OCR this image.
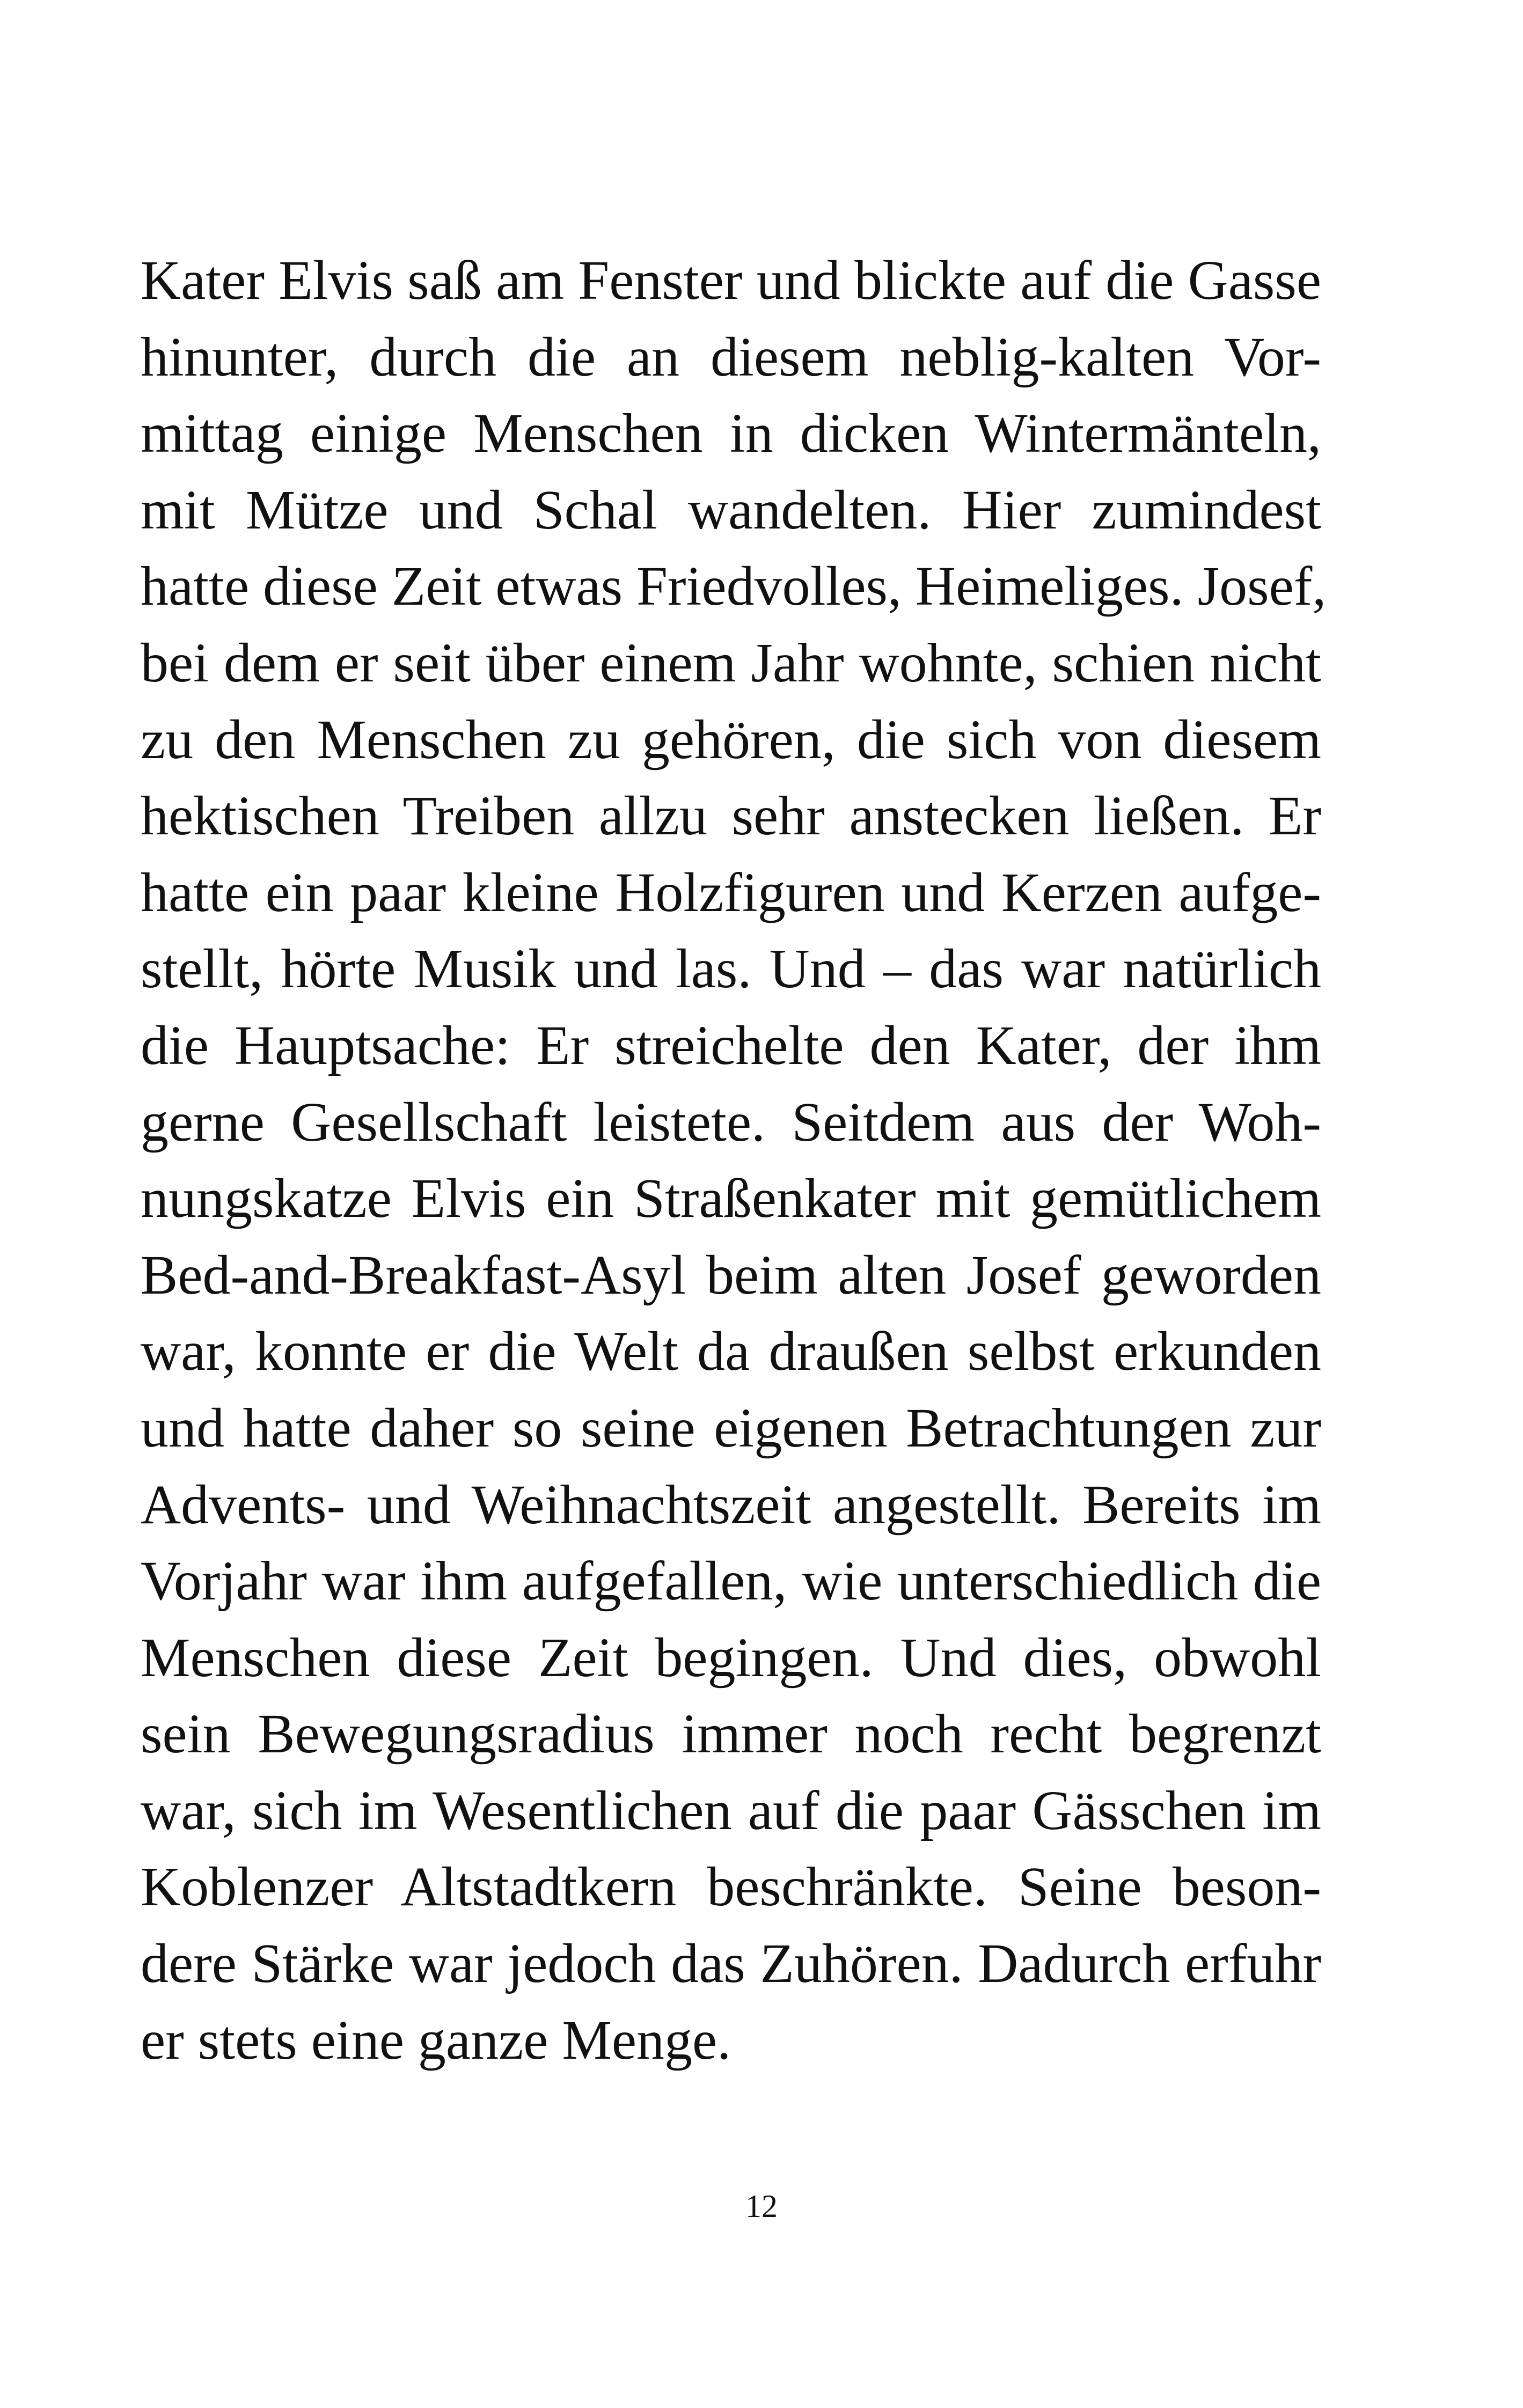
Kater Elvis saß am Fenster und blickte auf die Gasse
hinunter, durch die an diesem neblig-kalten Vor-
mittag einige Menschen in dicken Wintermänteln,
mit Mütze und Schal wandelten. Hier zumindest
hatte diese Zeit etwas Friedvolles, Heimeliges. Josef,
bei dem er seit über einem Jahr wohnte, schien nicht
zu den Menschen zu gehören, die sich von diesem
hektischen Treiben allzu sehr anstecken ließen. Er
hatte ein paar kleine Holzfiguren und Kerzen aufge-
stellt, hörte Musik und las. Und – das war natürlich
die Hauptsache: Er streichelte den Kater, der ihm
gerne Gesellschaft leistete. Seitdem aus der Woh-
nungskatze Elvis ein Straßenkater mit gemütlichem
Bed-and-Breakfast-Asyl beim alten Josef geworden
war, konnte er die Welt da draußen selbst erkunden
und hatte daher so seine eigenen Betrachtungen zur
Advents- und Weihnachtszeit angestellt. Bereits im
Vorjahr war ihm aufgefallen, wie unterschiedlich die
Menschen diese Zeit begingen. Und dies, obwohl
sein Bewegungsradius immer noch recht begrenzt
war, sich im Wesentlichen auf die paar Gässchen im
Koblenzer Altstadtkern beschränkte. Seine beson-
dere Stärke war jedoch das Zuhören. Dadurch erfuhr
er stets eine ganze Menge.
12
